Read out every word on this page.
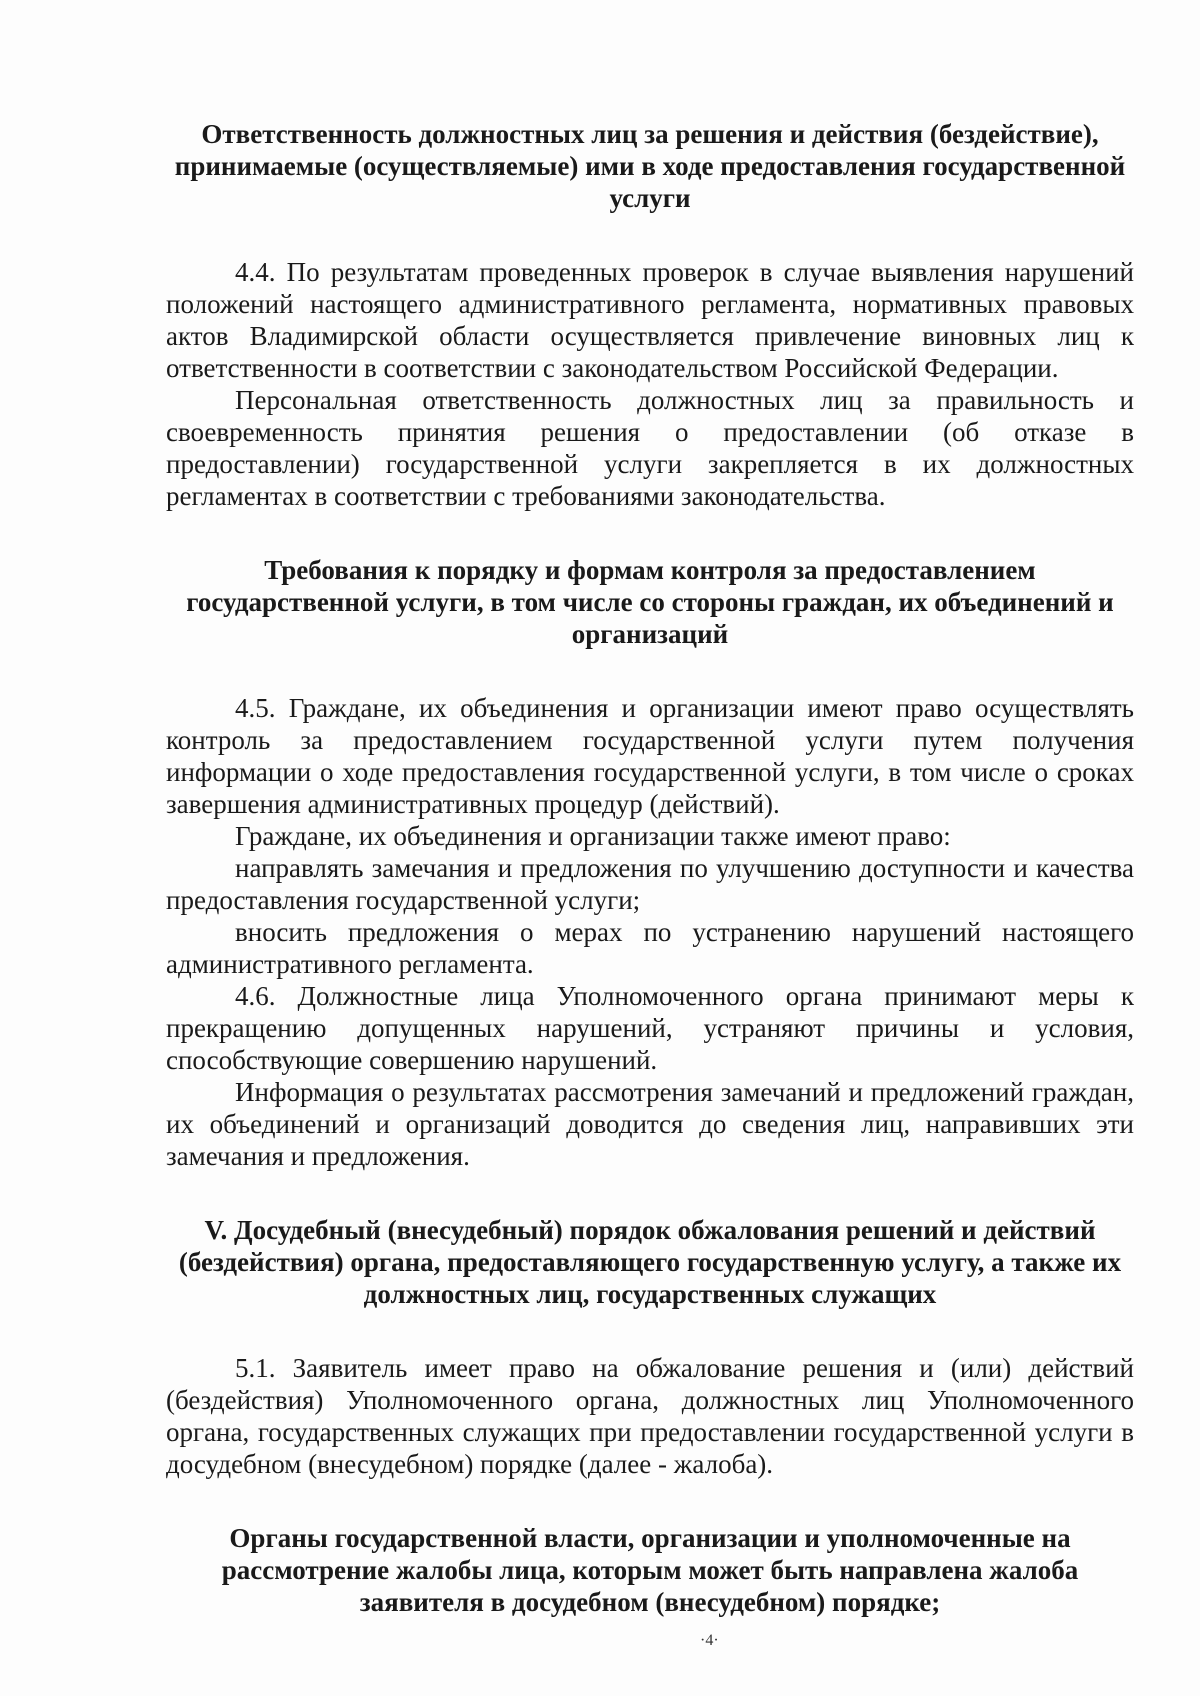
Ответственность должностных лиц за решения и действия (бездействие), принимаемые (осуществляемые) ими в ходе предоставления государственной услуги

4.4. По результатам проведенных проверок в случае выявления нарушений положений настоящего административного регламента, нормативных правовых актов Владимирской области осуществляется привлечение виновных лиц к ответственности в соответствии с законодательством Российской Федерации.

Персональная ответственность должностных лиц за правильность и своевременность принятия решения о предоставлении (об отказе в предоставлении) государственной услуги закрепляется в их должностных регламентах в соответствии с требованиями законодательства.

Требования к порядку и формам контроля за предоставлением государственной услуги, в том числе со стороны граждан, их объединений и организаций

4.5. Граждане, их объединения и организации имеют право осуществлять контроль за предоставлением государственной услуги путем получения информации о ходе предоставления государственной услуги, в том числе о сроках завершения административных процедур (действий).

Граждане, их объединения и организации также имеют право:

направлять замечания и предложения по улучшению доступности и качества предоставления государственной услуги;

вносить предложения о мерах по устранению нарушений настоящего административного регламента.

4.6. Должностные лица Уполномоченного органа принимают меры к прекращению допущенных нарушений, устраняют причины и условия, способствующие совершению нарушений.

Информация о результатах рассмотрения замечаний и предложений граждан, их объединений и организаций доводится до сведения лиц, направивших эти замечания и предложения.

V. Досудебный (внесудебный) порядок обжалования решений и действий (бездействия) органа, предоставляющего государственную услугу, а также их должностных лиц, государственных служащих

5.1. Заявитель имеет право на обжалование решения и (или) действий (бездействия) Уполномоченного органа, должностных лиц Уполномоченного органа, государственных служащих при предоставлении государственной услуги в досудебном (внесудебном) порядке (далее - жалоба).

Органы государственной власти, организации и уполномоченные на рассмотрение жалобы лица, которым может быть направлена жалоба заявителя в досудебном (внесудебном) порядке;

·4·
